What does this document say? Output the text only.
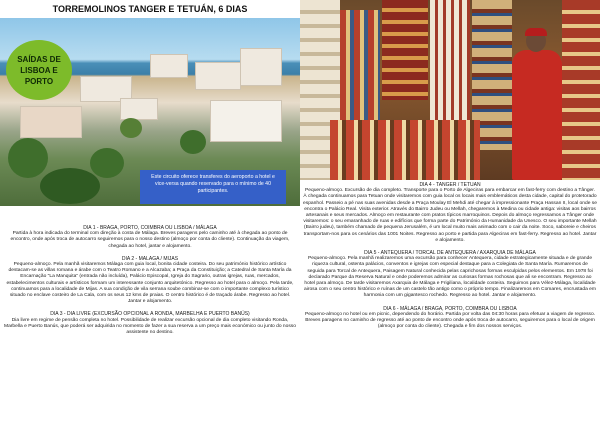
TORREMOLINOS TANGER E TETUÁN, 6 DIAS
SAÍDAS DE LISBOA E PORTO
Este circuito oferece transferes do aeroporto a hotel e vice-versa quando reservado para o mínimo de 40 participantes.

DIA 1 - BRAGA, PORTO, COIMBRA OU LISBOA / MÁLAGA

Partida à hora indicada do terminal com direção à costa de Málaga. Breves paragens pelo caminho até à chegada ao ponto de encontro, onde após troca de autocarro seguiremos para o nosso destino (almoço por conta do cliente). Continuação da viagem, chegada ao hotel, jantar e alojamento.

DIA 2 - MALAGA / MIJAS

Pequeno-almoço. Pela manhã visitaremos Málaga com guia local, bonita cidade costeira. Do seu património histórico artístico destacam-se as villas romana e árabe com o Teatro Romano e a Alcazaba; a Praça da Constituição; a Catedral de Santa María da Encarnação "La Manquita" (entrada não incluída), Palácio Episcopal, Igreja do Sagrario, outras igrejas, ruas, mercados, estabelecimentos culturais e artísticos formam um interessante conjunto arquitetónico. Regresso ao hotel para o almoço. Pela tarde, continuamos para a localidade de Mijas. A sua condição de vila serrana soube combinar-se com o importante complexo turístico situado no enclave costeiro de La Cala, com os seus 12 kms de praias. O centro histórico é de traçado árabe. Regresso ao hotel. Jantar e alojamento.

DIA 3 - DIA LIVRE (EXCURSÃO OPCIONAL A RONDA, MARBELHA E PUERTO BANÚS)

Dia livre em regime de pensão completa no hotel. Possibilidade de realizar excursão opcional de dia completo visitando Ronda, Marbella e Puerto Banús, que poderá ser adquirida no momento de fazer a sua reserva a um preço mais económico ou junto do nosso assistente no destino.

DIA 4 - TANGER / TETUAN

Pequeno-almoço. Excursão de dia completo. Transporte para o Porto de Algeciras para embarcar em fast-ferry com destino a Tânger. À chegada continuamos para Tetuan onde visitaremos com guia local os locais mais emblemáticos desta cidade, capital do protetorado espanhol. Passeio a pé nas suas avenidas desde a Praça Moulay El Mehdi até chegar à impressionante Praça Hassan II, local onde se encontra o Palácio Real. Visita exterior. Através do Bairro Judeu ou Mellah, chegaremos à Medina ou cidade antiga: visitas aos bairros artesanais e seus mercados. Almoço em restaurante com pratos típicos marroquinos. Depois do almoço regressamos a Tânger onde visitaremos: o seu emaranhado de ruas e edifícios que forma parte do Património da Humanidade da Unesco. O seu importante Mellah (Bairro judeu), também chamado de pequena Jerusalém, é um local muito mais animado com o cair da noite. Soco, saboreie e cheiros transportam-nos para os cenários das 1001 Noites. Regresso ao porto e partida para Algeciras em fast-ferry. Regresso ao hotel. Jantar e alojamento.

DIA 5 - ANTEQUERA / TORCAL DE ANTEQUERA / AXARQUIA DE MÁLAGA

Pequeno-almoço. Pela manhã realizaremos uma excursão para conhecer Antequera, cidade estrategicamente situada e de grande riqueza cultural, ostenta palácios, conventos e igrejas com especial destaque para a Colegiata de Santa María. Rumaremos de seguida para Torcal de Antequera, Paisagem Natural conhecida pelas caprichosas formas esculpidas pelos elementos. Em 1978 foi declarado Parque da Reserva Natural e onde poderemos admirar as curiosas formas rochosas que ali se encontram. Regresso ao hotel para almoço. De tarde visitaremos Axarquia de Málaga e Frigiliana, localidade costeira. Seguimos para Vélez-Málaga, localidade airosa com o seu centro histórico e ruínas de um castelo tão antigo como o próprio tempo. Finalizaremos em Comares, encrustada em harmonia com um gigantesco rochedo. Regresso ao hotel. Jantar e alojamento.

DIA 6 - MÁLAGA / BRAGA, PORTO, COIMBRA OU LISBOA

Pequeno-almoço no hotel ou em picnic, dependendo do horário. Partida por volta das 04:30 horas para efetuar a viagem de regresso. Breves paragens no caminho de regresso até ao ponto de encontro onde após troca de autocarro, seguiremos para o local de origem (almoço por conta do cliente). Chegada e fim dos nossos serviços.
